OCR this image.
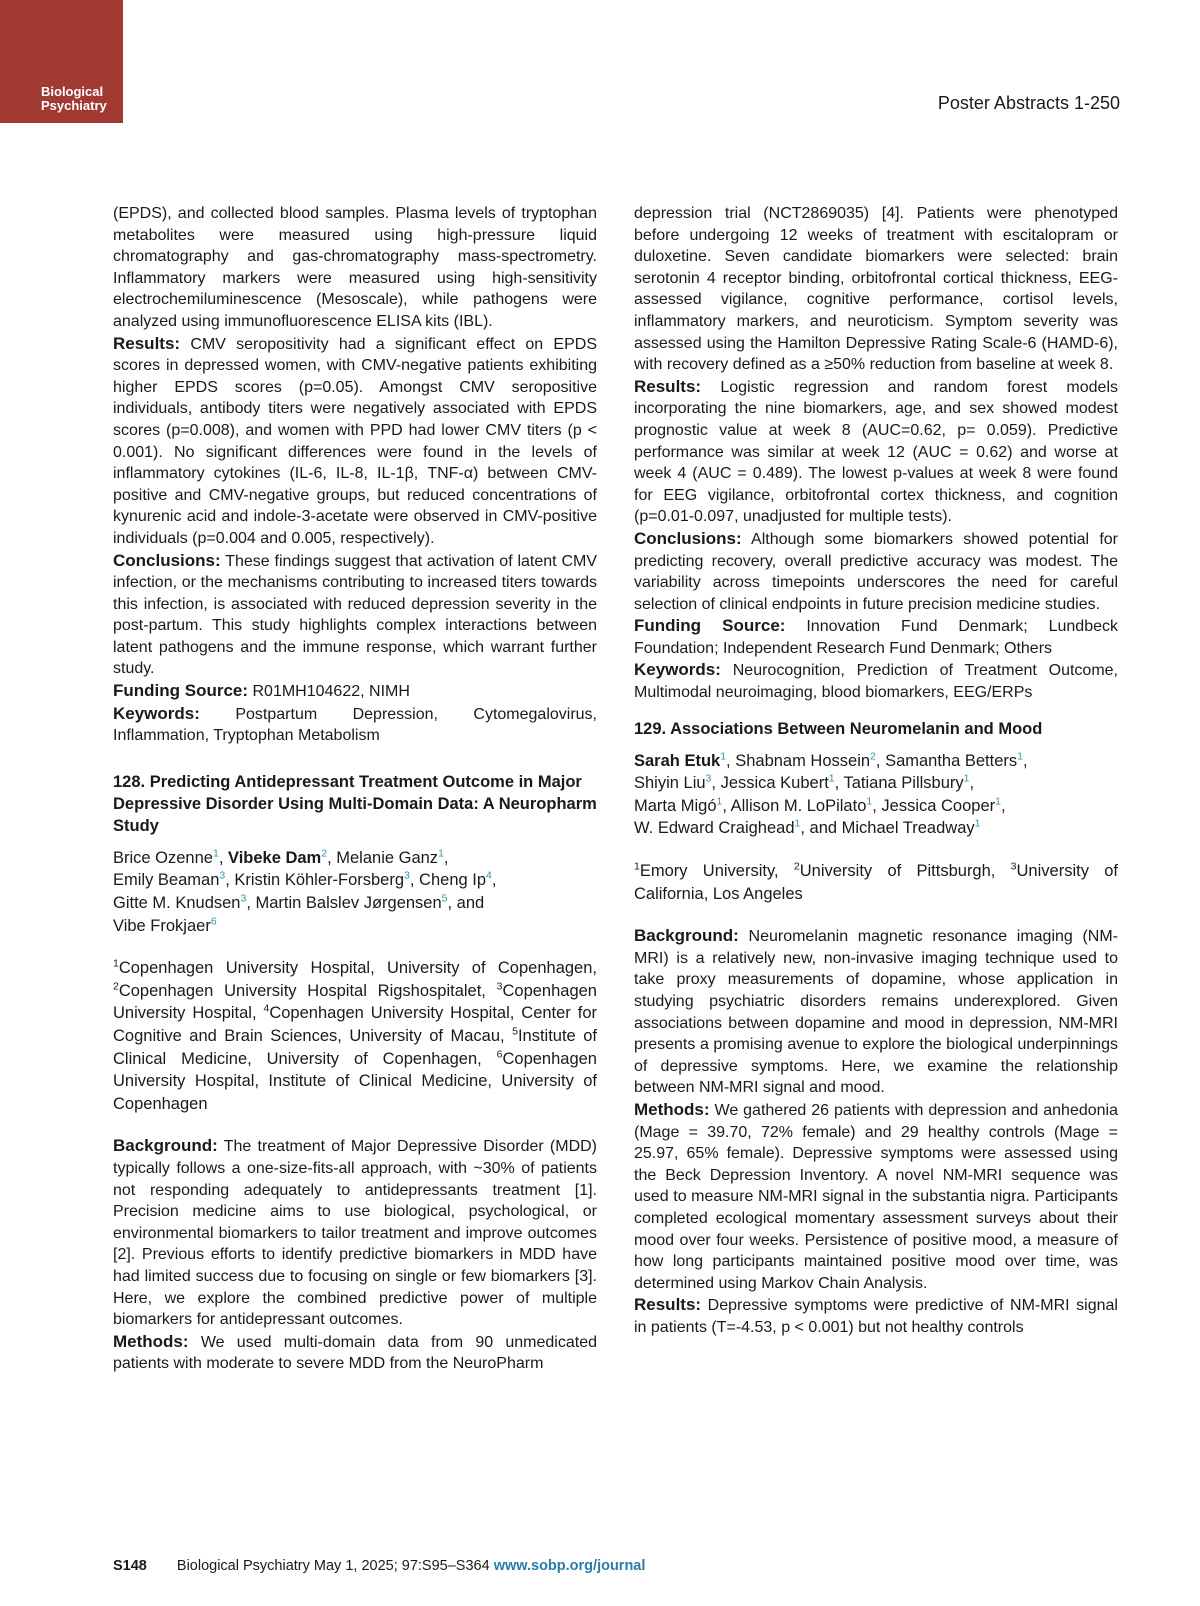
Biological
Psychiatry	Poster Abstracts 1-250

(EPDS), and collected blood samples. Plasma levels of tryptophan metabolites were measured using high-pressure liquid chromatography and gas-chromatography mass-spectrometry. Inflammatory markers were measured using high-sensitivity electrochemiluminescence (Mesoscale), while pathogens were analyzed using immunofluorescence ELISA kits (IBL).

Results: CMV seropositivity had a significant effect on EPDS scores in depressed women, with CMV-negative patients exhibiting higher EPDS scores (p=0.05). Amongst CMV seropositive individuals, antibody titers were negatively associated with EPDS scores (p=0.008), and women with PPD had lower CMV titers (p < 0.001). No significant differences were found in the levels of inflammatory cytokines (IL-6, IL-8, IL-1β, TNF-α) between CMV-positive and CMV-negative groups, but reduced concentrations of kynurenic acid and indole-3-acetate were observed in CMV-positive individuals (p=0.004 and 0.005, respectively).

Conclusions: These findings suggest that activation of latent CMV infection, or the mechanisms contributing to increased titers towards this infection, is associated with reduced depression severity in the post-partum. This study highlights complex interactions between latent pathogens and the immune response, which warrant further study.

Funding Source: R01MH104622, NIMH

Keywords: Postpartum Depression, Cytomegalovirus, Inflammation, Tryptophan Metabolism

128. Predicting Antidepressant Treatment Outcome in Major Depressive Disorder Using Multi-Domain Data: A Neuropharm Study

Brice Ozenne$^1$, Vibeke Dam$^2$, Melanie Ganz$^1$,
Emily Beaman$^3$, Kristin Köhler-Forsberg$^3$, Cheng Ip$^4$,
Gitte M. Knudsen$^3$, Martin Balslev Jørgensen$^5$, and
Vibe Frokjaer$^6$

$^1$Copenhagen University Hospital, University of Copenhagen, $^2$Copenhagen University Hospital Rigshospitalet, $^3$Copenhagen University Hospital, $^4$Copenhagen University Hospital, Center for Cognitive and Brain Sciences, University of Macau, $^5$Institute of Clinical Medicine, University of Copenhagen, $^6$Copenhagen University Hospital, Institute of Clinical Medicine, University of Copenhagen

Background: The treatment of Major Depressive Disorder (MDD) typically follows a one-size-fits-all approach, with ~30% of patients not responding adequately to antidepressants treatment [1]. Precision medicine aims to use biological, psychological, or environmental biomarkers to tailor treatment and improve outcomes [2]. Previous efforts to identify predictive biomarkers in MDD have had limited success due to focusing on single or few biomarkers [3]. Here, we explore the combined predictive power of multiple biomarkers for antidepressant outcomes.

Methods: We used multi-domain data from 90 unmedicated patients with moderate to severe MDD from the NeuroPharm

depression trial (NCT2869035) [4]. Patients were phenotyped before undergoing 12 weeks of treatment with escitalopram or duloxetine. Seven candidate biomarkers were selected: brain serotonin 4 receptor binding, orbitofrontal cortical thickness, EEG-assessed vigilance, cognitive performance, cortisol levels, inflammatory markers, and neuroticism. Symptom severity was assessed using the Hamilton Depressive Rating Scale-6 (HAMD-6), with recovery defined as a ≥50% reduction from baseline at week 8.

Results: Logistic regression and random forest models incorporating the nine biomarkers, age, and sex showed modest prognostic value at week 8 (AUC=0.62, p= 0.059). Predictive performance was similar at week 12 (AUC = 0.62) and worse at week 4 (AUC = 0.489). The lowest p-values at week 8 were found for EEG vigilance, orbitofrontal cortex thickness, and cognition (p=0.01-0.097, unadjusted for multiple tests).

Conclusions: Although some biomarkers showed potential for predicting recovery, overall predictive accuracy was modest. The variability across timepoints underscores the need for careful selection of clinical endpoints in future precision medicine studies.

Funding Source: Innovation Fund Denmark; Lundbeck Foundation; Independent Research Fund Denmark; Others

Keywords: Neurocognition, Prediction of Treatment Outcome, Multimodal neuroimaging, blood biomarkers, EEG/ERPs

129. Associations Between Neuromelanin and Mood

Sarah Etuk$^1$, Shabnam Hossein$^2$, Samantha Betters$^1$,
Shiyin Liu$^3$, Jessica Kubert$^1$, Tatiana Pillsbury$^1$,
Marta Migó$^1$, Allison M. LoPilato$^1$, Jessica Cooper$^1$,
W. Edward Craighead$^1$, and Michael Treadway$^1$

$^1$Emory University, $^2$University of Pittsburgh, $^3$University of California, Los Angeles

Background: Neuromelanin magnetic resonance imaging (NM-MRI) is a relatively new, non-invasive imaging technique used to take proxy measurements of dopamine, whose application in studying psychiatric disorders remains underexplored. Given associations between dopamine and mood in depression, NM-MRI presents a promising avenue to explore the biological underpinnings of depressive symptoms. Here, we examine the relationship between NM-MRI signal and mood.

Methods: We gathered 26 patients with depression and anhedonia (Mage = 39.70, 72% female) and 29 healthy controls (Mage = 25.97, 65% female). Depressive symptoms were assessed using the Beck Depression Inventory. A novel NM-MRI sequence was used to measure NM-MRI signal in the substantia nigra. Participants completed ecological momentary assessment surveys about their mood over four weeks. Persistence of positive mood, a measure of how long participants maintained positive mood over time, was determined using Markov Chain Analysis.

Results: Depressive symptoms were predictive of NM-MRI signal in patients (T=-4.53, p < 0.001) but not healthy controls

S148 Biological Psychiatry May 1, 2025; 97:S95–S364 www.sobp.org/journal
